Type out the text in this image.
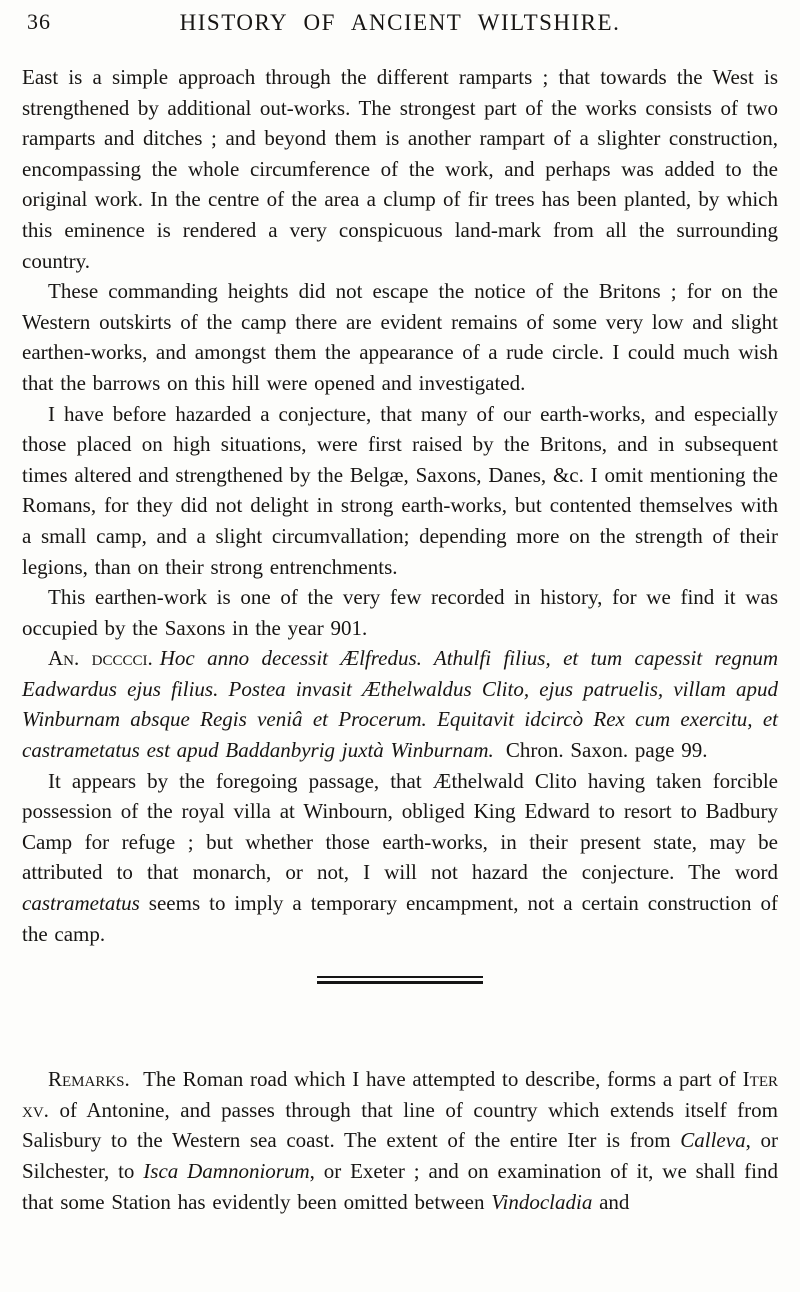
36	HISTORY OF ANCIENT WILTSHIRE.

East is a simple approach through the different ramparts ; that towards the West is strengthened by additional out-works. The strongest part of the works consists of two ramparts and ditches ; and beyond them is another rampart of a slighter construction, encompassing the whole circumference of the work, and perhaps was added to the original work. In the centre of the area a clump of fir trees has been planted, by which this eminence is rendered a very conspicuous land-mark from all the surrounding country.

These commanding heights did not escape the notice of the Britons ; for on the Western outskirts of the camp there are evident remains of some very low and slight earthen-works, and amongst them the appearance of a rude circle. I could much wish that the barrows on this hill were opened and investigated.

I have before hazarded a conjecture, that many of our earth-works, and especially those placed on high situations, were first raised by the Britons, and in subsequent times altered and strengthened by the Belgæ, Saxons, Danes, &c. I omit mentioning the Romans, for they did not delight in strong earth-works, but contented themselves with a small camp, and a slight circumvallation; depending more on the strength of their legions, than on their strong entrenchments.

This earthen-work is one of the very few recorded in history, for we find it was occupied by the Saxons in the year 901.

An. dcccci. Hoc anno decessit Ælfredus. Athulfi filius, et tum capessit regnum Eadwardus ejus filius. Postea invasit Æthelwaldus Clito, ejus patruelis, villam apud Winburnam absque Regis veniâ et Procerum. Equitavit idcircò Rex cum exercitu, et castrametatus est apud Baddanbyrig juxtà Winburnam. Chron. Saxon. page 99.

It appears by the foregoing passage, that Æthelwald Clito having taken forcible possession of the royal villa at Winbourn, obliged King Edward to resort to Badbury Camp for refuge ; but whether those earth-works, in their present state, may be attributed to that monarch, or not, I will not hazard the conjecture. The word castrametatus seems to imply a temporary encampment, not a certain construction of the camp.

Remarks. The Roman road which I have attempted to describe, forms a part of Iter xv. of Antonine, and passes through that line of country which extends itself from Salisbury to the Western sea coast. The extent of the entire Iter is from Calleva, or Silchester, to Isca Damnoniorum, or Exeter ; and on examination of it, we shall find that some Station has evidently been omitted between Vindocladia and
